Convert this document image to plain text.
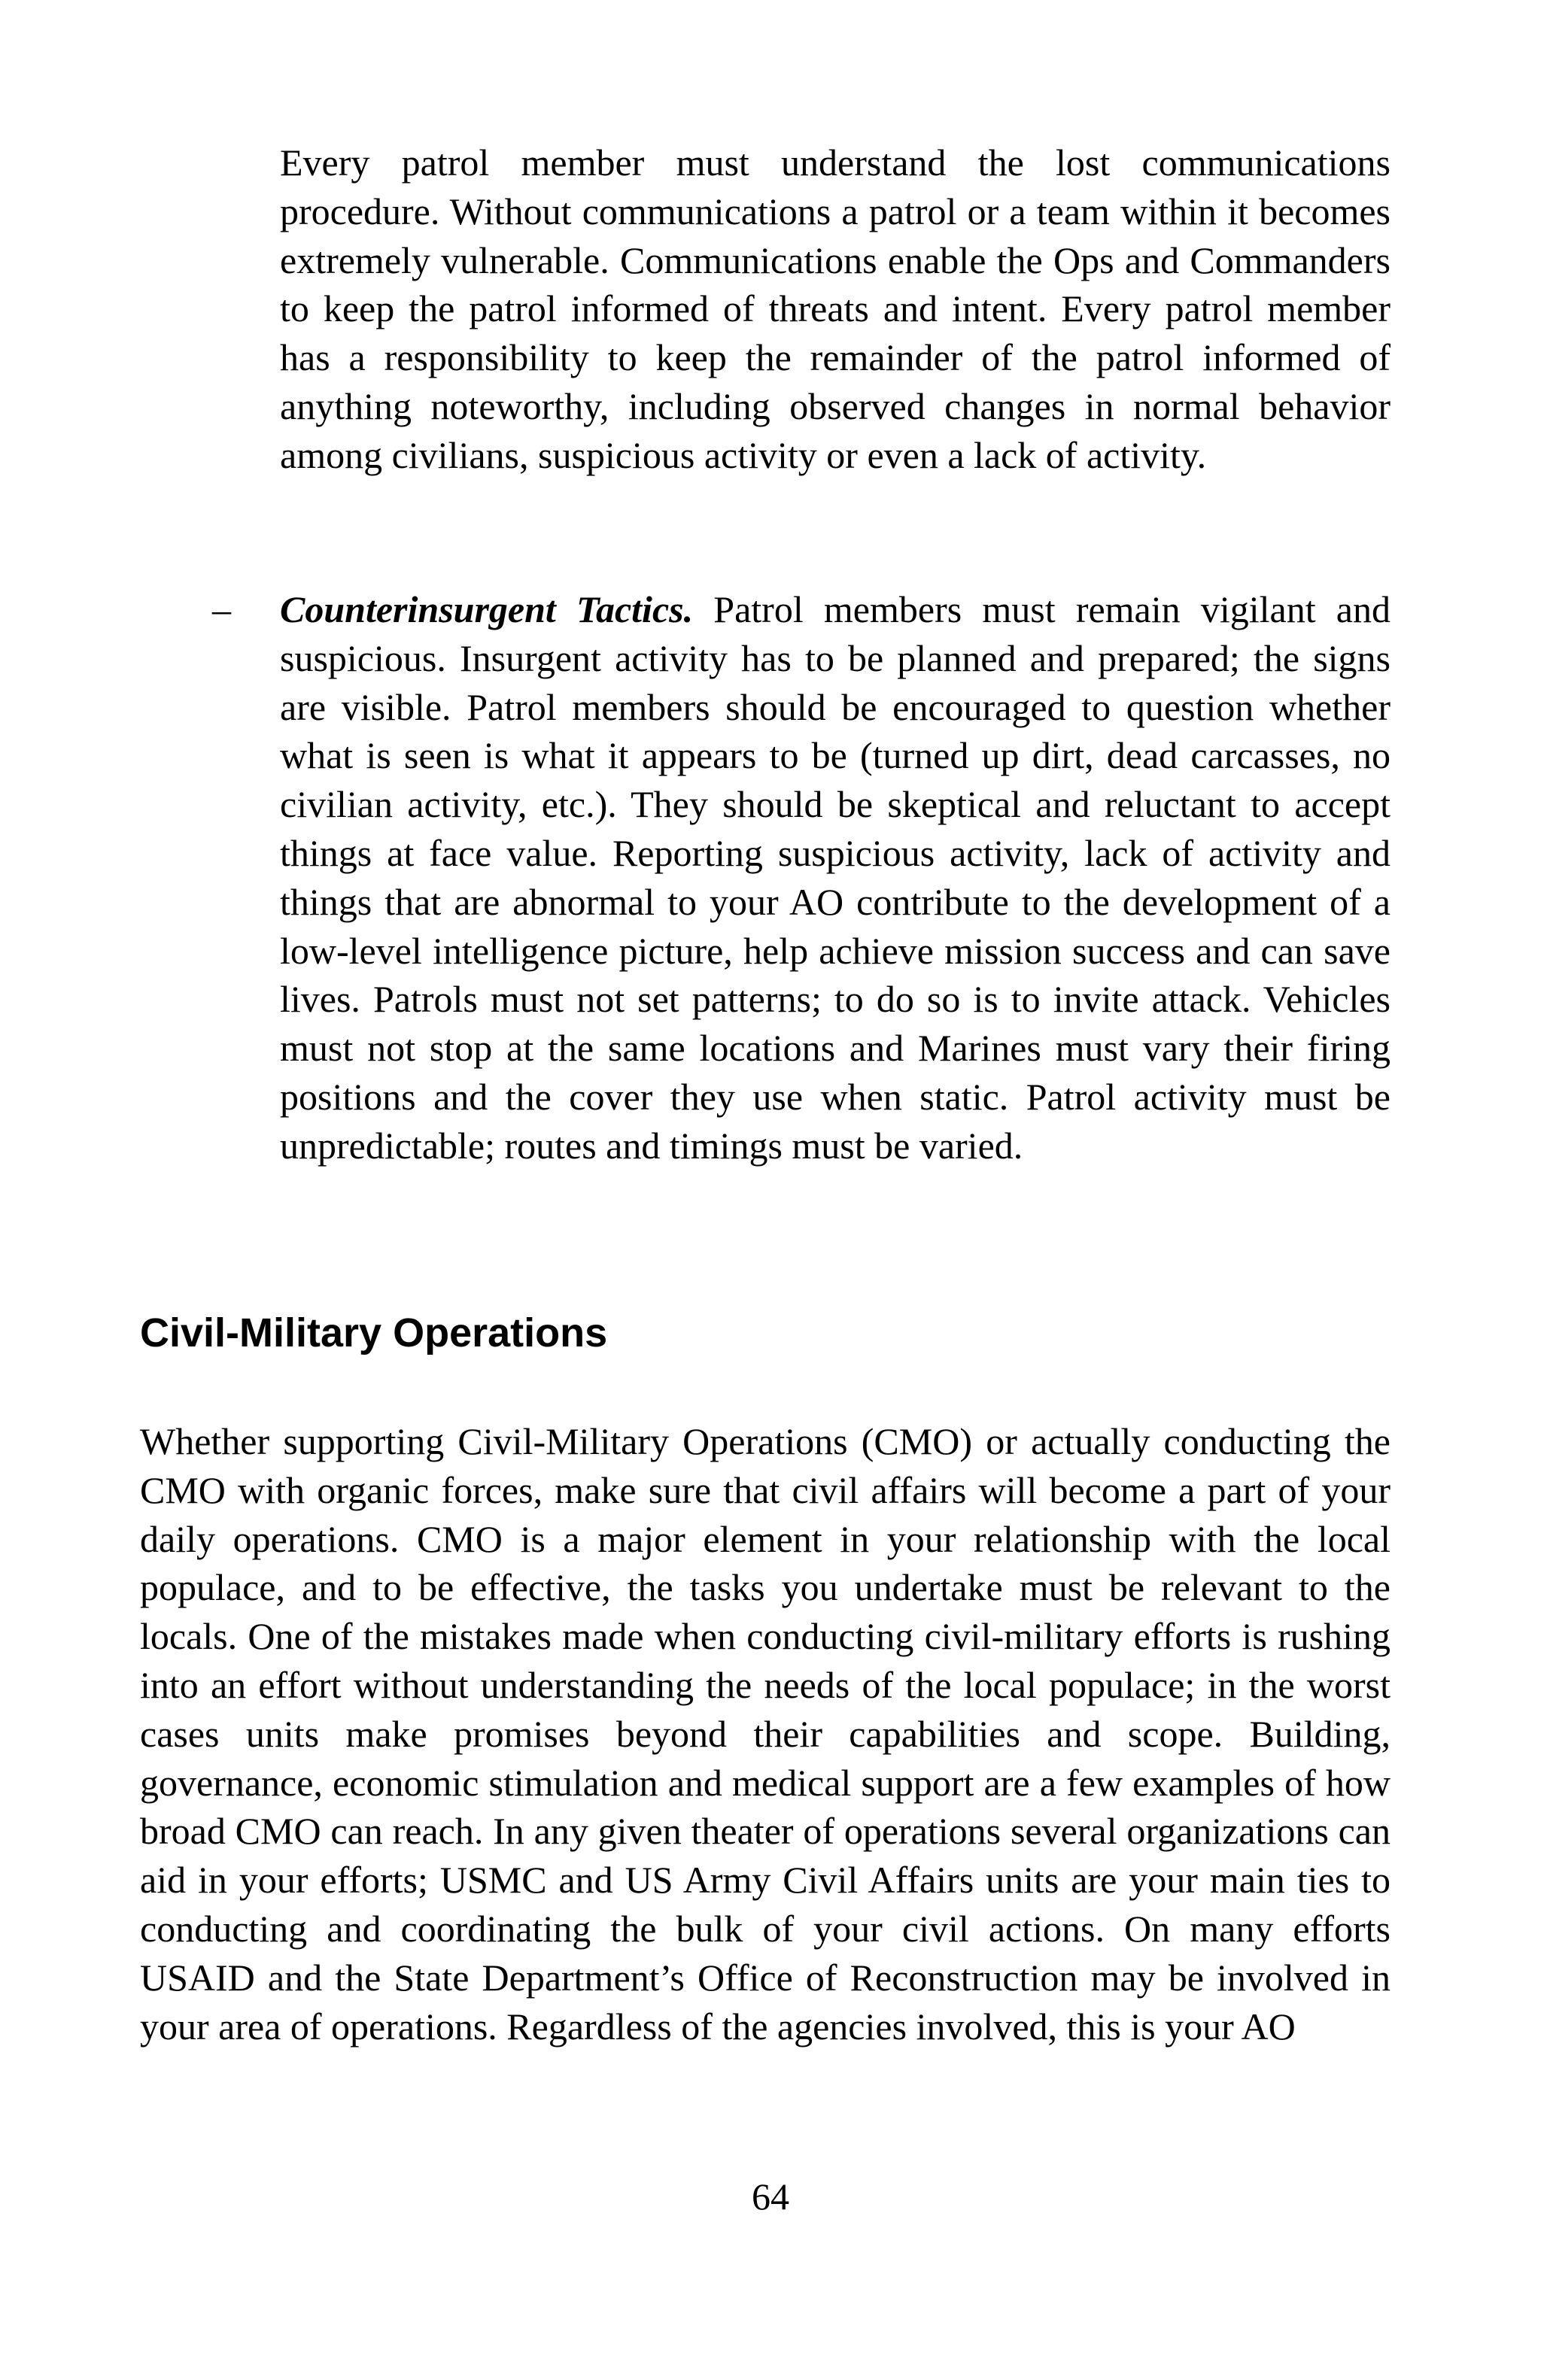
Every patrol member must understand the lost communications procedure. Without communications a patrol or a team within it becomes extremely vulnerable. Communications enable the Ops and Commanders to keep the patrol informed of threats and intent. Every patrol member has a responsibility to keep the remainder of the patrol informed of anything noteworthy, including observed changes in normal behavior among civilians, suspicious activity or even a lack of activity.

– Counterinsurgent Tactics. Patrol members must remain vigilant and suspicious. Insurgent activity has to be planned and prepared; the signs are visible. Patrol members should be encouraged to question whether what is seen is what it appears to be (turned up dirt, dead carcasses, no civilian activity, etc.). They should be skeptical and reluctant to accept things at face value. Reporting suspicious activity, lack of activity and things that are abnormal to your AO contribute to the development of a low-level intelligence picture, help achieve mission success and can save lives. Patrols must not set patterns; to do so is to invite attack. Vehicles must not stop at the same locations and Marines must vary their firing positions and the cover they use when static. Patrol activity must be unpredictable; routes and timings must be varied.

Civil-Military Operations

Whether supporting Civil-Military Operations (CMO) or actually conducting the CMO with organic forces, make sure that civil affairs will become a part of your daily operations. CMO is a major element in your relationship with the local populace, and to be effective, the tasks you undertake must be relevant to the locals. One of the mistakes made when conducting civil-military efforts is rushing into an effort without understanding the needs of the local populace; in the worst cases units make promises beyond their capabilities and scope. Building, governance, economic stimulation and medical support are a few examples of how broad CMO can reach. In any given theater of operations several organizations can aid in your efforts; USMC and US Army Civil Affairs units are your main ties to conducting and coordinating the bulk of your civil actions. On many efforts USAID and the State Department’s Office of Reconstruction may be involved in your area of operations. Regardless of the agencies involved, this is your AO

64
